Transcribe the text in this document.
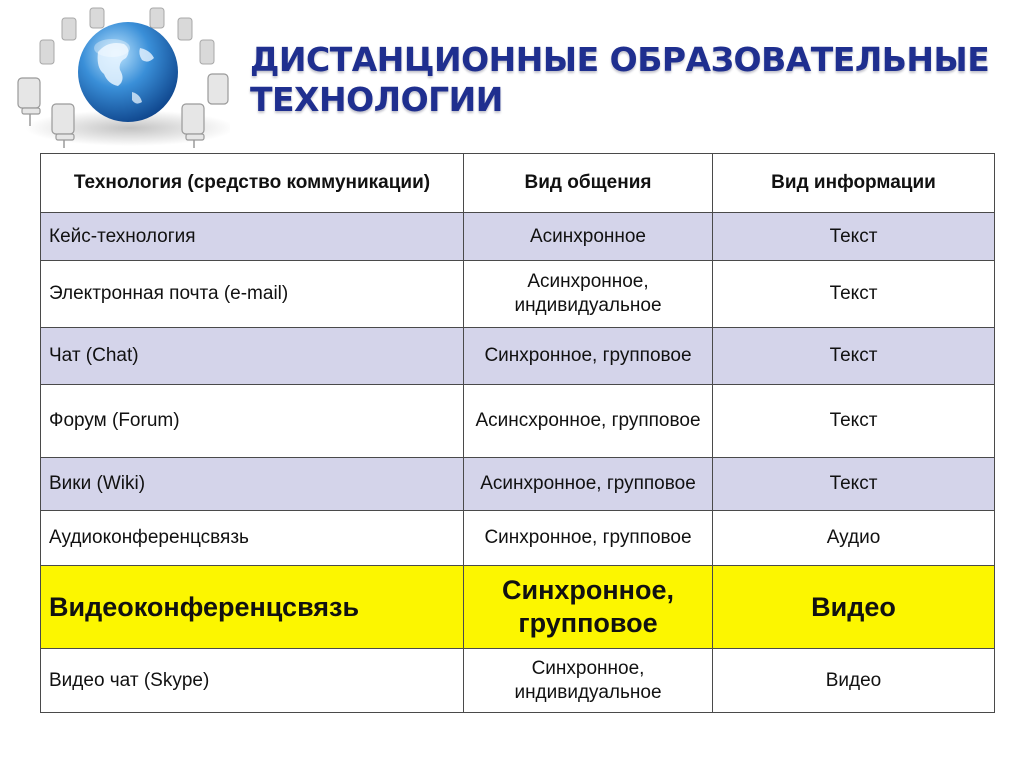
ДИСТАНЦИОННЫЕ ОБРАЗОВАТЕЛЬНЫЕ
ТЕХНОЛОГИИ
Технология (средство коммуникации)	Вид общения	Вид информации
Кейс-технология	Асинхронное	Текст
Электронная почта (e-mail)	Асинхронное, индивидуальное	Текст
Чат (Chat)	Синхронное, групповое	Текст
Форум (Forum)	Асинсхронное, групповое	Текст
Вики (Wiki)	Асинхронное, групповое	Текст
Аудиоконференцсвязь	Синхронное, групповое	Аудио
Видеоконференцсвязь	Синхронное, групповое	Видео
Видео чат (Skype)	Синхронное, индивидуальное	Видео
